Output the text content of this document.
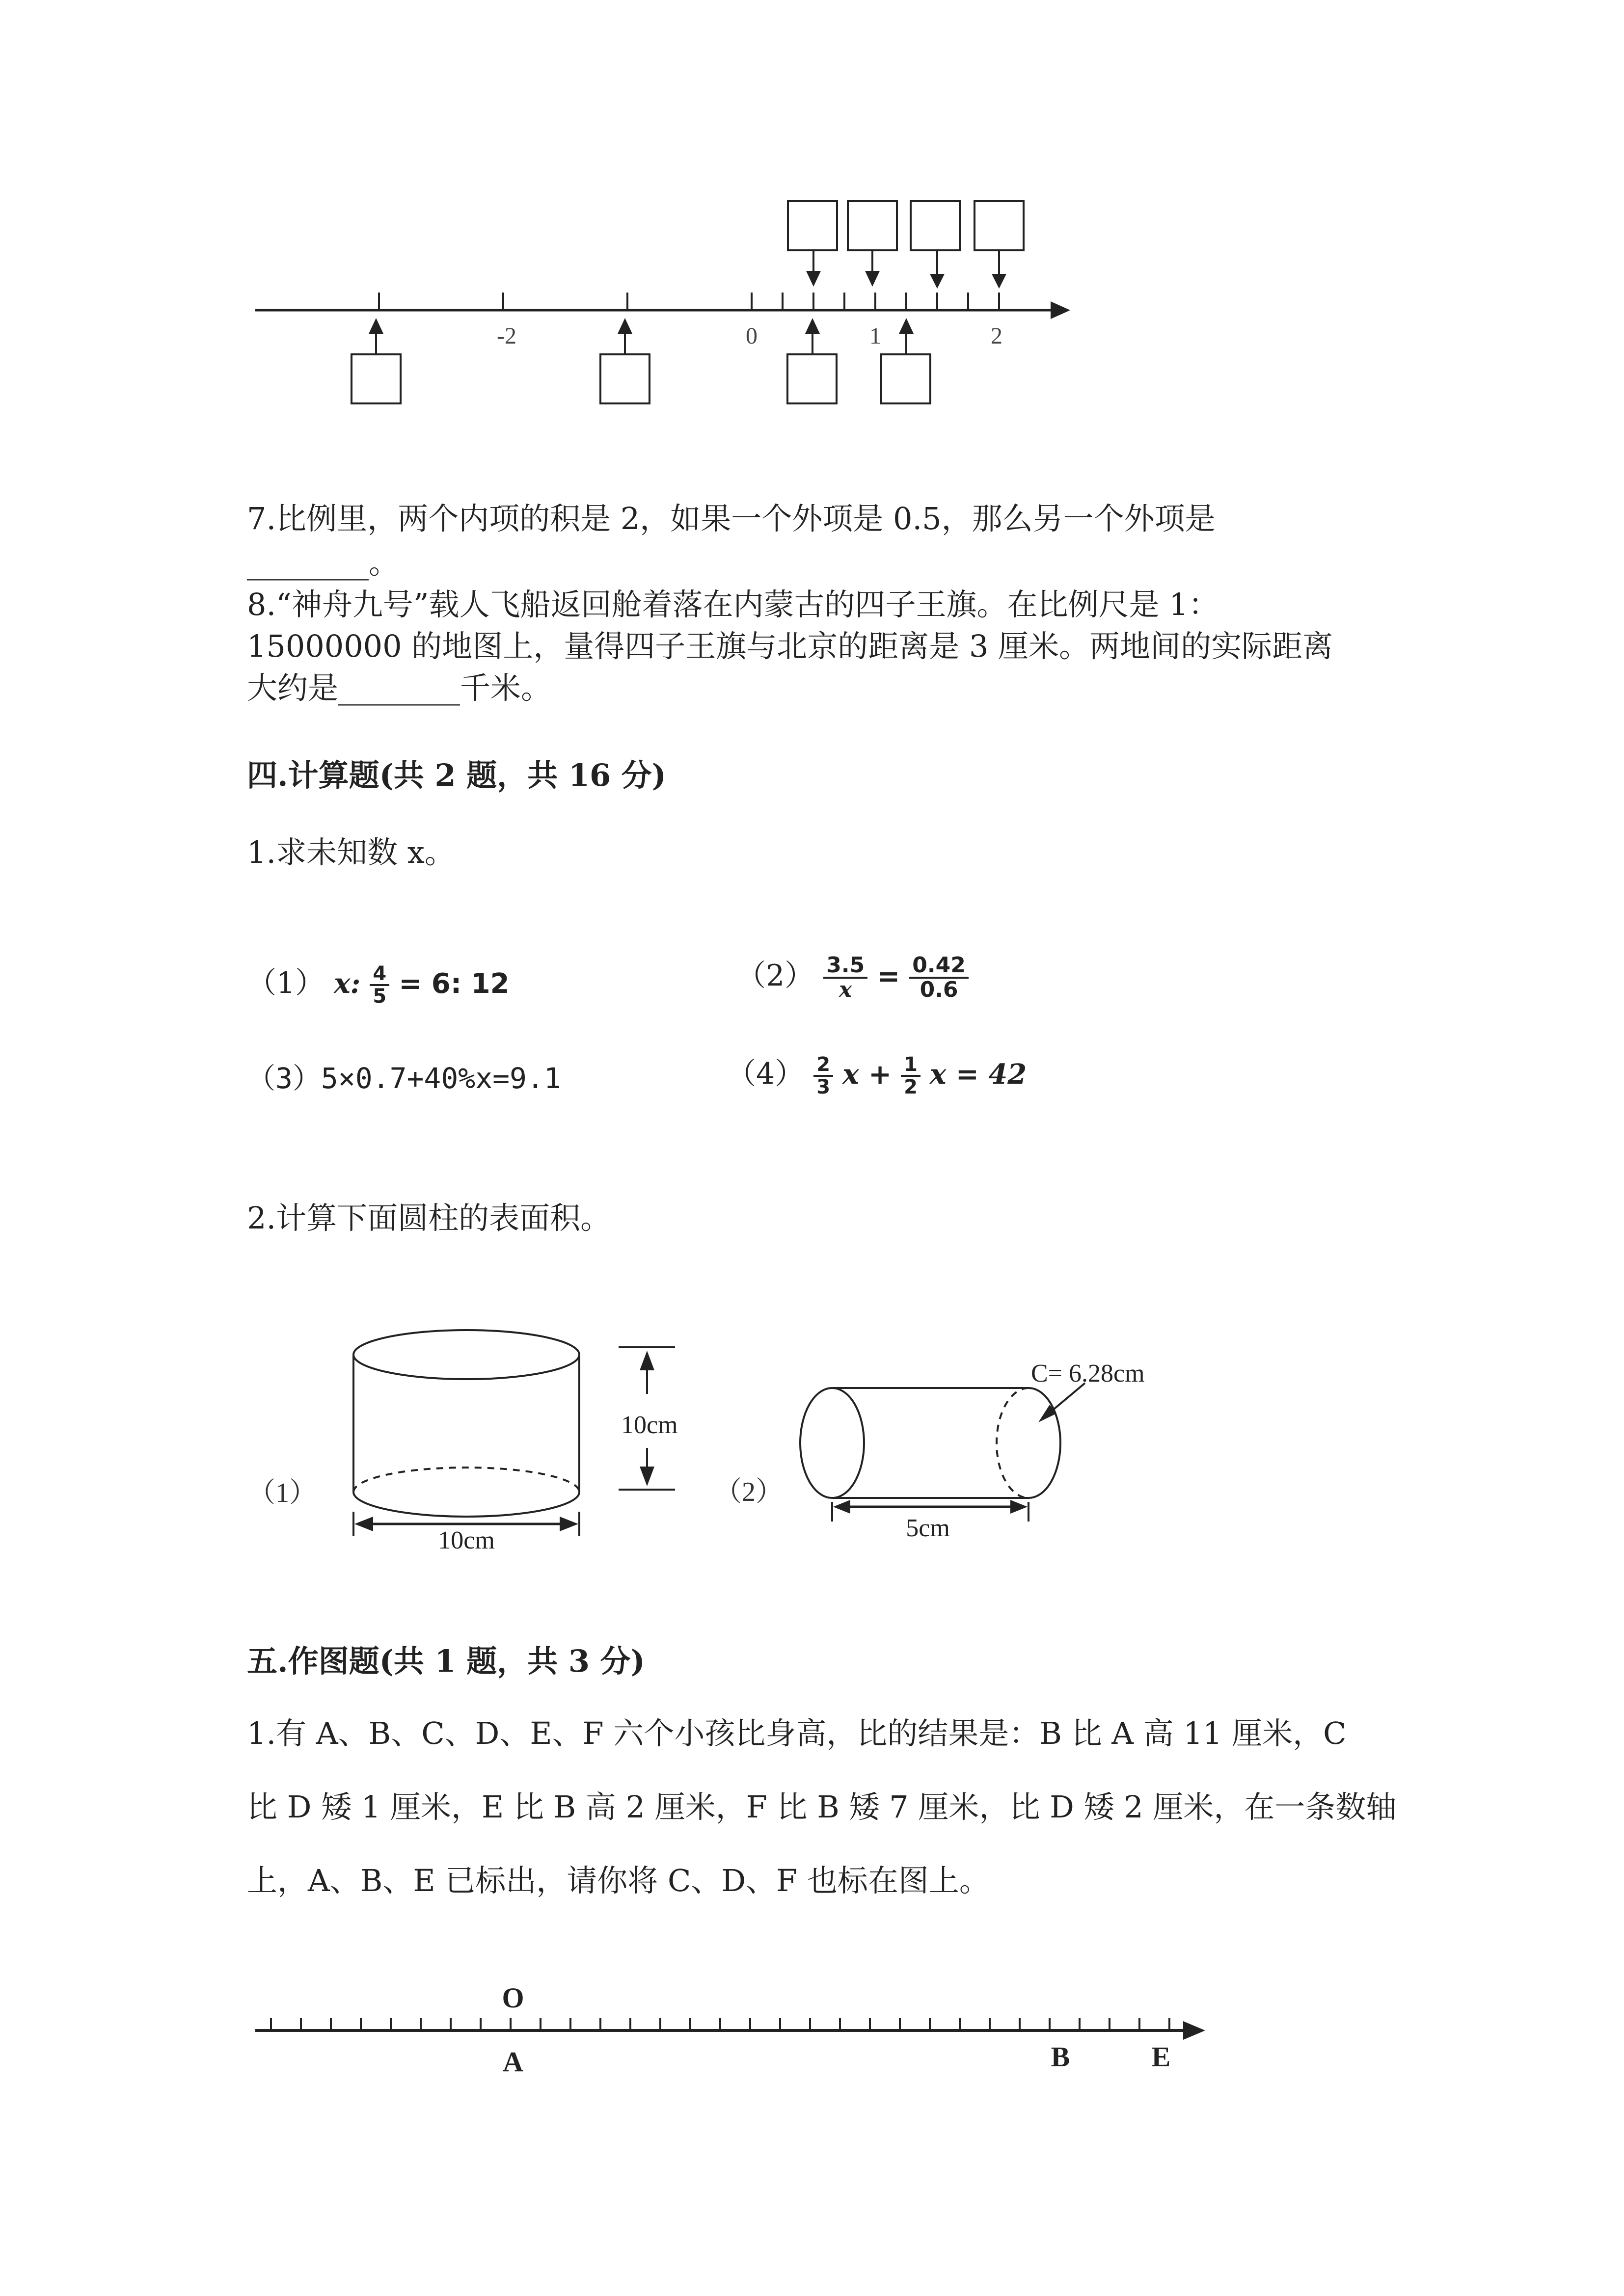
-2	0	1	2
7.比例里，两个内项的积是 2，如果一个外项是 0.5，那么另一个外项是
________。
8.“神舟九号”载人飞船返回舱着落在内蒙古的四子王旗。在比例尺是 1：
15000000 的地图上，量得四子王旗与北京的距离是 3 厘米。两地间的实际距离
大约是________千米。
四.计算题(共 2 题，共 16 分)
1.求未知数 x。
（1） x: $\frac{4}{5} = 6$: 12	$(2) \frac{3.5}{x} = \frac{0.42}{0.6}$
（3）5×0.7+40%x=9.1	$(4) \frac{2}{3}$ $x + \frac{1}{2}$ x = 42
2.计算下面圆柱的表面积。
10cm
10cm
（1）
C= 6.28cm
5cm
（2）
五.作图题(共 1 题，共 3 分)
1.有 A、B、C、D、E、F 六个小孩比身高，比的结果是：B 比 A 高 11 厘米，C
比 D 矮 1 厘米，E 比 B 高 2 厘米，F 比 B 矮 7 厘米，比 D 矮 2 厘米，在一条数轴
上，A、B、E 已标出，请你将 C、D、F 也标在图上。
O
A	B	E
